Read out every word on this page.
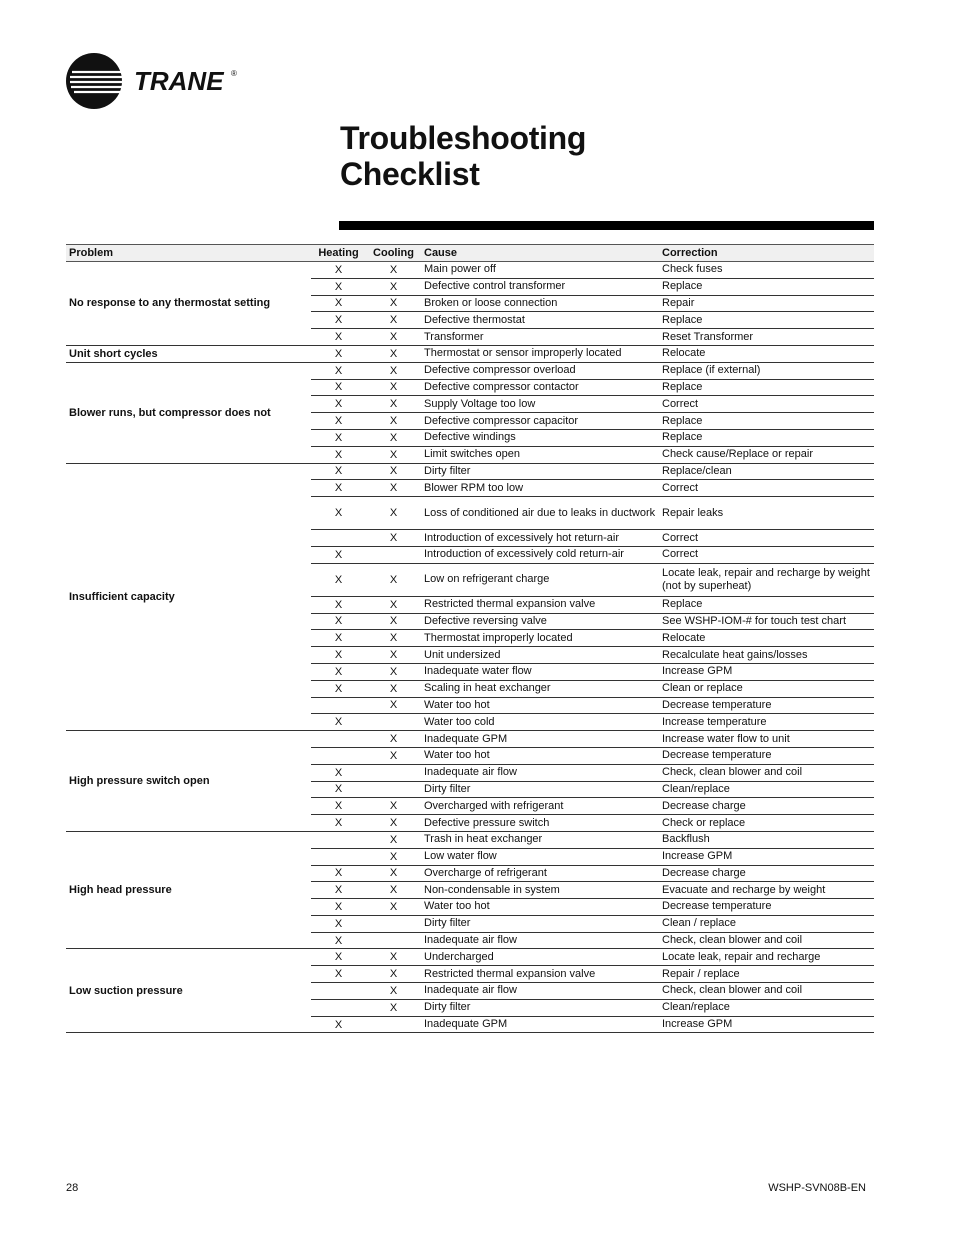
TRANE ®
Troubleshooting
Checklist
Problem	Heating	Cooling	Cause	Correction
No response to any thermostat setting	X	X	Main power off	Check fuses
	X	X	Defective control transformer	Replace
	X	X	Broken or loose connection	Repair
	X	X	Defective thermostat	Replace
	X	X	Transformer	Reset Transformer
Unit short cycles	X	X	Thermostat or sensor improperly located	Relocate
Blower runs, but compressor does not	X	X	Defective compressor overload	Replace (if external)
	X	X	Defective compressor contactor	Replace
	X	X	Supply Voltage too low	Correct
	X	X	Defective compressor capacitor	Replace
	X	X	Defective windings	Replace
	X	X	Limit switches open	Check cause/Replace or repair
Insufficient capacity	X	X	Dirty filter	Replace/clean
	X	X	Blower RPM too low	Correct
	X	X	Loss of conditioned air due to leaks in ductwork	Repair leaks
		X	Introduction of excessively hot return-air	Correct
	X		Introduction of excessively cold return-air	Correct
	X	X	Low on refrigerant charge	Locate leak, repair and recharge by weight (not by superheat)
	X	X	Restricted thermal expansion valve	Replace
	X	X	Defective reversing valve	See WSHP-IOM-# for touch test chart
	X	X	Thermostat improperly located	Relocate
	X	X	Unit undersized	Recalculate heat gains/losses
	X	X	Inadequate water flow	Increase GPM
	X	X	Scaling in heat exchanger	Clean or replace
		X	Water too hot	Decrease temperature
	X		Water too cold	Increase temperature
High pressure switch open		X	Inadequate GPM	Increase water flow to unit
		X	Water too hot	Decrease temperature
	X		Inadequate air flow	Check, clean blower and coil
	X		Dirty filter	Clean/replace
	X	X	Overcharged with refrigerant	Decrease charge
	X	X	Defective pressure switch	Check or replace
High head pressure		X	Trash in heat exchanger	Backflush
		X	Low water flow	Increase GPM
	X	X	Overcharge of refrigerant	Decrease charge
	X	X	Non-condensable in system	Evacuate and recharge by weight
	X	X	Water too hot	Decrease temperature
	X		Dirty filter	Clean / replace
	X		Inadequate air flow	Check, clean blower and coil
Low suction pressure	X	X	Undercharged	Locate leak, repair and recharge
	X	X	Restricted thermal expansion valve	Repair / replace
		X	Inadequate air flow	Check, clean blower and coil
		X	Dirty filter	Clean/replace
	X		Inadequate GPM	Increase GPM
28	WSHP-SVN08B-EN
